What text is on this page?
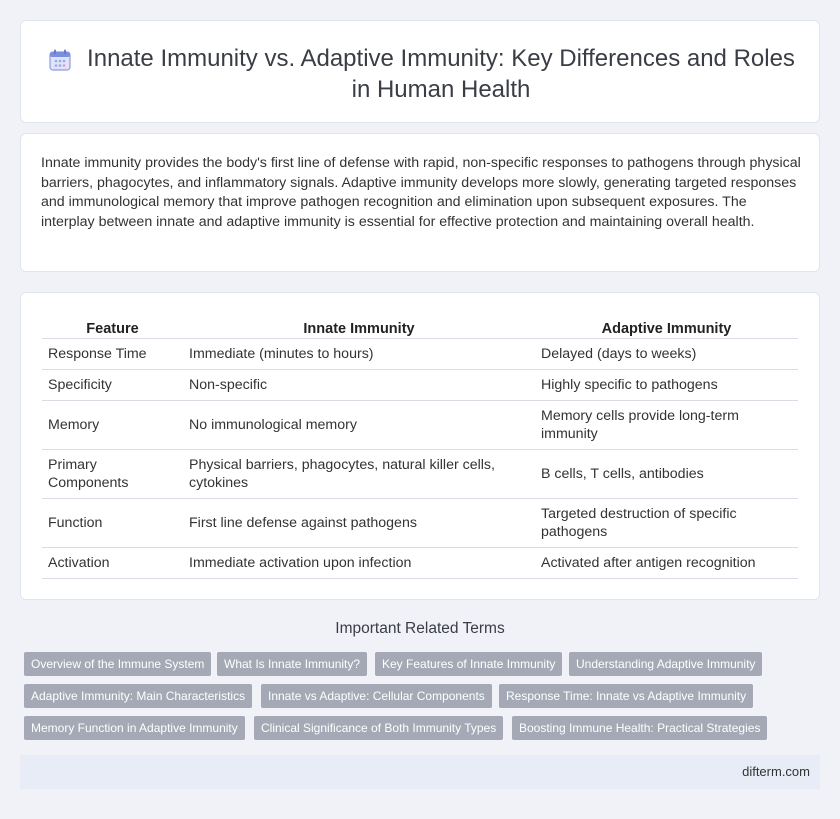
Innate Immunity vs. Adaptive Immunity: Key Differences and Roles in Human Health
Innate immunity provides the body's first line of defense with rapid, non-specific responses to pathogens through physical barriers, phagocytes, and inflammatory signals. Adaptive immunity develops more slowly, generating targeted responses and immunological memory that improve pathogen recognition and elimination upon subsequent exposures. The interplay between innate and adaptive immunity is essential for effective protection and maintaining overall health.
Feature	Innate Immunity	Adaptive Immunity
Response Time	Immediate (minutes to hours)	Delayed (days to weeks)
Specificity	Non-specific	Highly specific to pathogens
Memory	No immunological memory	Memory cells provide long-term immunity
Primary Components	Physical barriers, phagocytes, natural killer cells, cytokines	B cells, T cells, antibodies
Function	First line defense against pathogens	Targeted destruction of specific pathogens
Activation	Immediate activation upon infection	Activated after antigen recognition
Important Related Terms
Overview of the Immune System	What Is Innate Immunity?	Key Features of Innate Immunity	Understanding Adaptive Immunity
Adaptive Immunity: Main Characteristics	Innate vs Adaptive: Cellular Components	Response Time: Innate vs Adaptive Immunity
Memory Function in Adaptive Immunity	Clinical Significance of Both Immunity Types	Boosting Immune Health: Practical Strategies
difterm.com
